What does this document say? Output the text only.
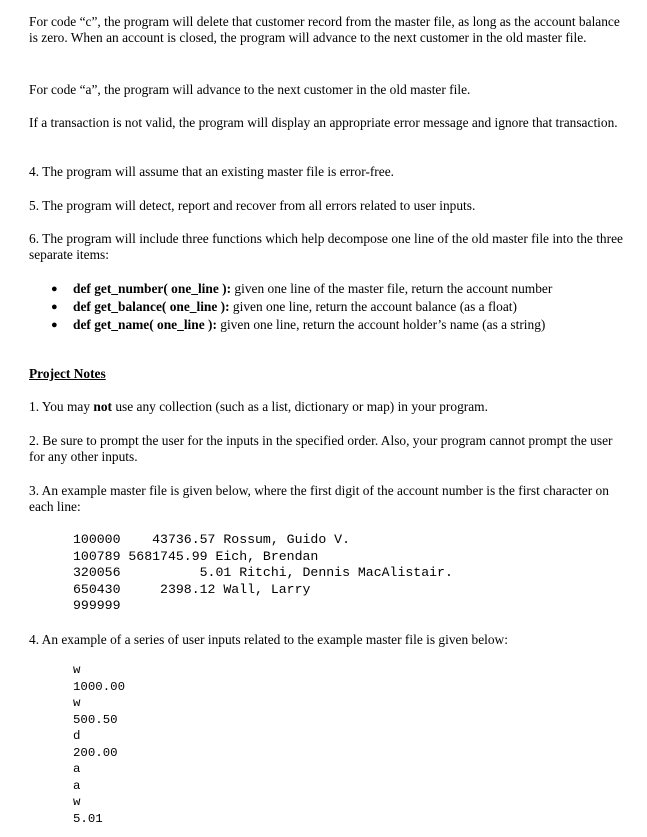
For code “c”, the program will delete that customer record from the master file, as long as the account balance is zero. When an account is closed, the program will advance to the next customer in the old master file.

For code “a”, the program will advance to the next customer in the old master file.

If a transaction is not valid, the program will display an appropriate error message and ignore that transaction.

4. The program will assume that an existing master file is error-free.

5. The program will detect, report and recover from all errors related to user inputs.

6. The program will include three functions which help decompose one line of the old master file into the three separate items:

● def get_number( one_line ): given one line of the master file, return the account number
● def get_balance( one_line ): given one line, return the account balance (as a float)
● def get_name( one_line ): given one line, return the account holder’s name (as a string)
Project Notes

1. You may not use any collection (such as a list, dictionary or map) in your program.

2. Be sure to prompt the user for the inputs in the specified order. Also, your program cannot prompt the user for any other inputs.

3. An example master file is given below, where the first digit of the account number is the first character on each line:

100000    43736.57 Rossum, Guido V.
100789 5681745.99 Eich, Brendan
320056          5.01 Ritchi, Dennis MacAlistair.
650430     2398.12 Wall, Larry
999999

4. An example of a series of user inputs related to the example master file is given below:

w
1000.00
w
500.50
d
200.00
a
a
w
5.01
